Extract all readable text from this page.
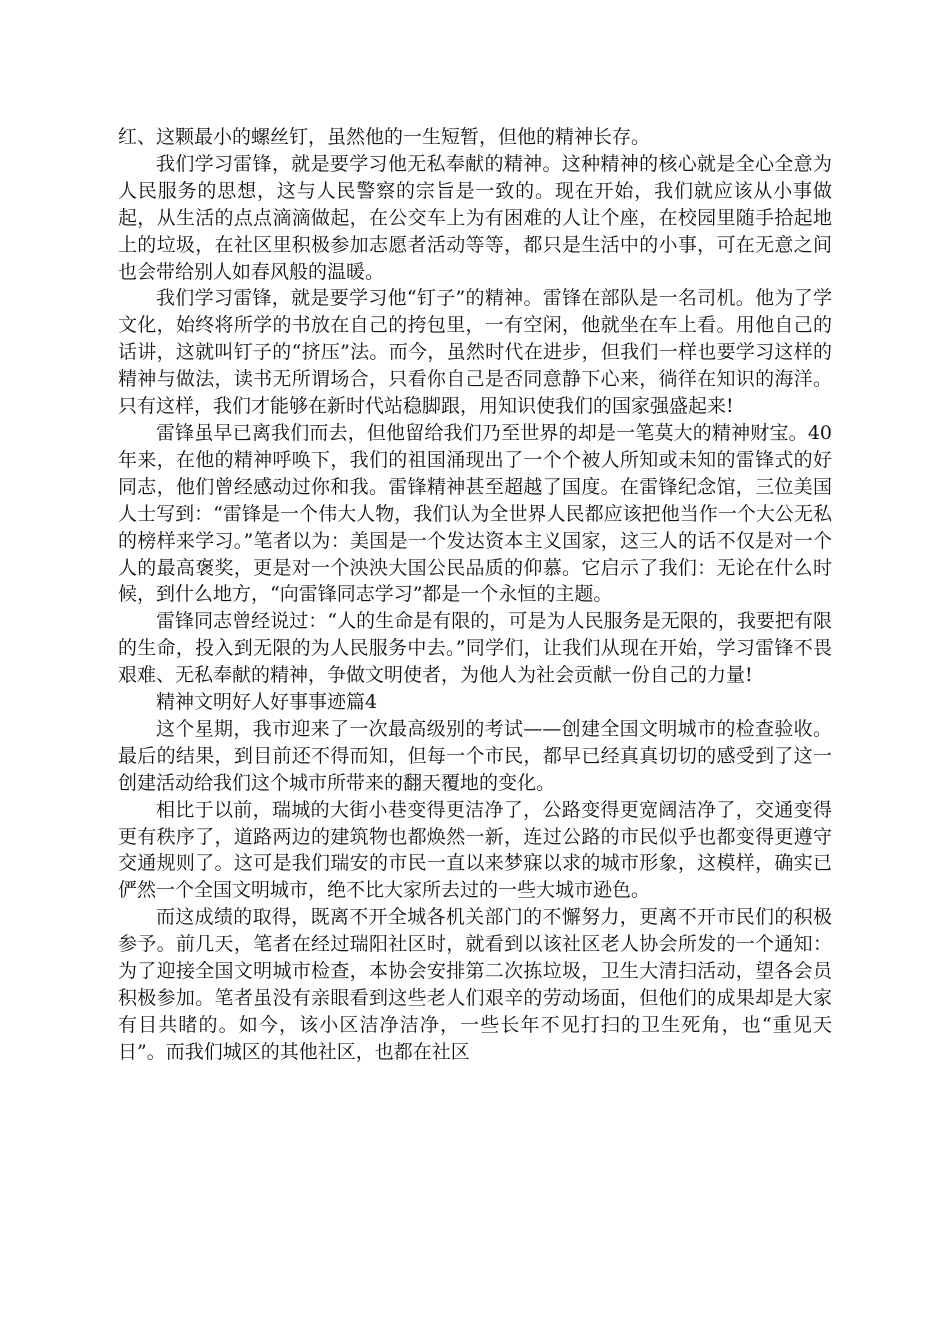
红、这颗最小的螺丝钉，虽然他的一生短暂，但他的精神长存。

我们学习雷锋，就是要学习他无私奉献的精神。这种精神的核心就是全心全意为人民服务的思想，这与人民警察的宗旨是一致的。现在开始，我们就应该从小事做起，从生活的点点滴滴做起，在公交车上为有困难的人让个座，在校园里随手拾起地上的垃圾，在社区里积极参加志愿者活动等等，都只是生活中的小事，可在无意之间也会带给别人如春风般的温暖。

我们学习雷锋，就是要学习他“钉子”的精神。雷锋在部队是一名司机。他为了学文化，始终将所学的书放在自己的挎包里，一有空闲，他就坐在车上看。用他自己的话讲，这就叫钉子的“挤压”法。而今，虽然时代在进步，但我们一样也要学习这样的精神与做法，读书无所谓场合，只看你自己是否同意静下心来，徜徉在知识的海洋。只有这样，我们才能够在新时代站稳脚跟，用知识使我们的国家强盛起来!

雷锋虽早已离我们而去，但他留给我们乃至世界的却是一笔莫大的精神财宝。40年来，在他的精神呼唤下，我们的祖国涌现出了一个个被人所知或未知的雷锋式的好同志，他们曾经感动过你和我。雷锋精神甚至超越了国度。在雷锋纪念馆，三位美国人士写到：“雷锋是一个伟大人物，我们认为全世界人民都应该把他当作一个大公无私的榜样来学习。”笔者以为：美国是一个发达资本主义国家，这三人的话不仅是对一个人的最高褒奖，更是对一个泱泱大国公民品质的仰慕。它启示了我们：无论在什么时候，到什么地方，“向雷锋同志学习”都是一个永恒的主题。

雷锋同志曾经说过：“人的生命是有限的，可是为人民服务是无限的，我要把有限的生命，投入到无限的为人民服务中去。”同学们，让我们从现在开始，学习雷锋不畏艰难、无私奉献的精神，争做文明使者，为他人为社会贡献一份自己的力量!

精神文明好人好事事迹篇4

这个星期，我市迎来了一次最高级别的考试——创建全国文明城市的检查验收。最后的结果，到目前还不得而知，但每一个市民，都早已经真真切切的感受到了这一创建活动给我们这个城市所带来的翻天覆地的变化。

相比于以前，瑞城的大街小巷变得更洁净了，公路变得更宽阔洁净了，交通变得更有秩序了，道路两边的建筑物也都焕然一新，连过公路的市民似乎也都变得更遵守交通规则了。这可是我们瑞安的市民一直以来梦寐以求的城市形象，这模样，确实已俨然一个全国文明城市，绝不比大家所去过的一些大城市逊色。

而这成绩的取得，既离不开全城各机关部门的不懈努力，更离不开市民们的积极参予。前几天，笔者在经过瑞阳社区时，就看到以该社区老人协会所发的一个通知：为了迎接全国文明城市检查，本协会安排第二次拣垃圾，卫生大清扫活动，望各会员积极参加。笔者虽没有亲眼看到这些老人们艰辛的劳动场面，但他们的成果却是大家有目共睹的。如今，该小区洁净洁净，一些长年不见打扫的卫生死角，也“重见天日”。而我们城区的其他社区，也都在社区
